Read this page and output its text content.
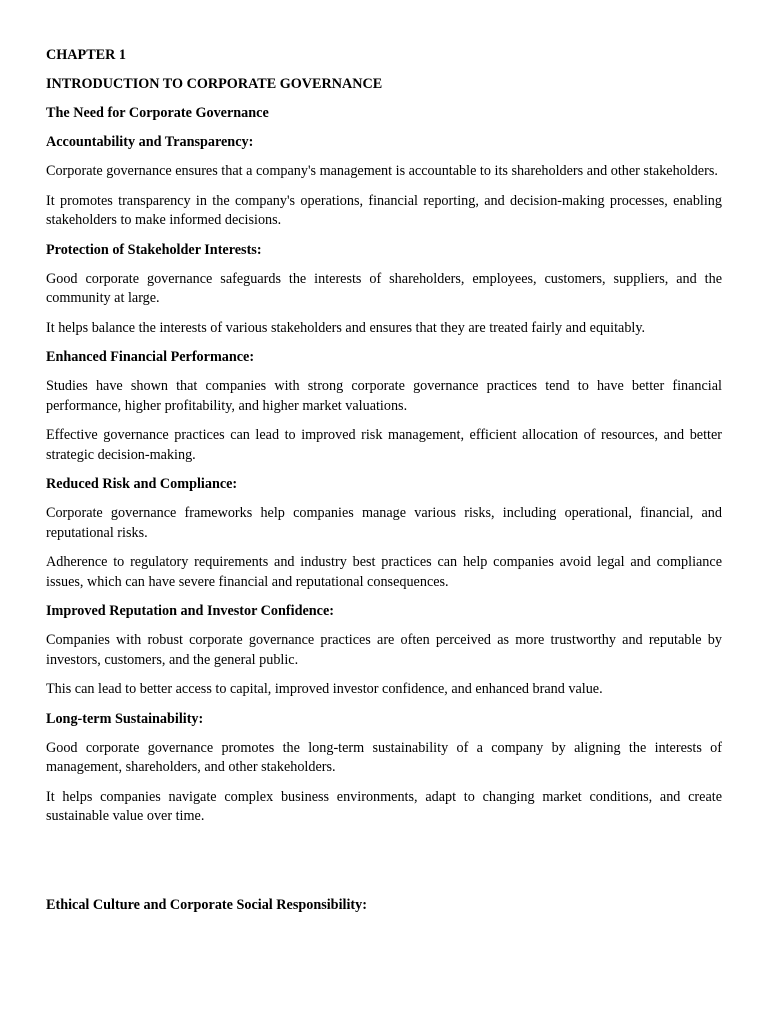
CHAPTER 1
INTRODUCTION TO CORPORATE GOVERNANCE
The Need for Corporate Governance
Accountability and Transparency:

Corporate governance ensures that a company's management is accountable to its shareholders and other stakeholders.

It promotes transparency in the company's operations, financial reporting, and decision-making processes, enabling stakeholders to make informed decisions.

Protection of Stakeholder Interests:

Good corporate governance safeguards the interests of shareholders, employees, customers, suppliers, and the community at large.

It helps balance the interests of various stakeholders and ensures that they are treated fairly and equitably.

Enhanced Financial Performance:

Studies have shown that companies with strong corporate governance practices tend to have better financial performance, higher profitability, and higher market valuations.

Effective governance practices can lead to improved risk management, efficient allocation of resources, and better strategic decision-making.

Reduced Risk and Compliance:

Corporate governance frameworks help companies manage various risks, including operational, financial, and reputational risks.

Adherence to regulatory requirements and industry best practices can help companies avoid legal and compliance issues, which can have severe financial and reputational consequences.

Improved Reputation and Investor Confidence:

Companies with robust corporate governance practices are often perceived as more trustworthy and reputable by investors, customers, and the general public.

This can lead to better access to capital, improved investor confidence, and enhanced brand value.

Long-term Sustainability:

Good corporate governance promotes the long-term sustainability of a company by aligning the interests of management, shareholders, and other stakeholders.

It helps companies navigate complex business environments, adapt to changing market conditions, and create sustainable value over time.

Ethical Culture and Corporate Social Responsibility:
